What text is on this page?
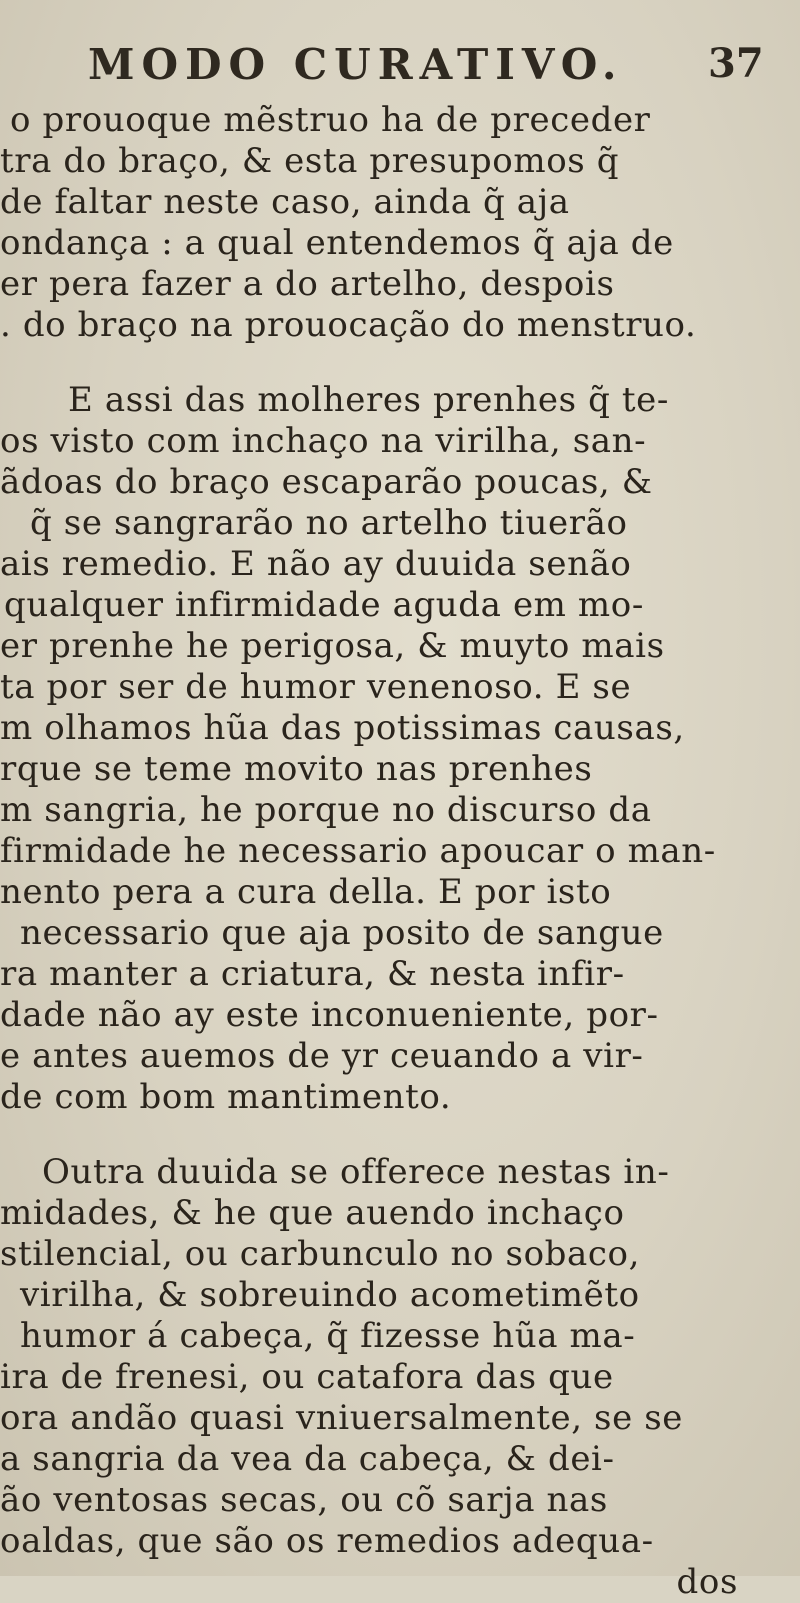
MODO CURATIVO. 37
o prouoque mẽstruo ha de preceder
tra do braço, & esta presupomos q̃
de faltar neste caso, ainda q̃ aja
ondança : a qual entendemos q̃ aja de
er pera fazer a do artelho, despois
. do braço na prouocação do menstruo.
E assi das molheres prenhes q̃ te-
os visto com inchaço na virilha, san-
ãdoas do braço escaparão poucas, &
q̃ se sangrarão no artelho tiuerão
ais remedio. E não ay duuida senão
qualquer infirmidade aguda em mo-
er prenhe he perigosa, & muyto mais
ta por ser de humor venenoso. E se
m olhamos hũa das potissimas causas,
rque se teme movito nas prenhes
m sangria, he porque no discurso da
firmidade he necessario apoucar o man-
nento pera a cura della. E por isto
necessario que aja posito de sangue
ra manter a criatura, & nesta infir-
dade não ay este inconueniente, por-
e antes auemos de yr ceuando a vir-
de com bom mantimento.
Outra duuida se offerece nestas in-
midades, & he que auendo inchaço
stilencial, ou carbunculo no sobaco,
virilha, & sobreuindo acometimẽto
humor á cabeça, q̃ fizesse hũa ma-
ira de frenesi, ou catafora das que
ora andão quasi vniuersalmente, se se
a sangria da vea da cabeça, & dei-
ão ventosas secas, ou cõ sarja nas
oaldas, que são os remedios adequa-
dos
